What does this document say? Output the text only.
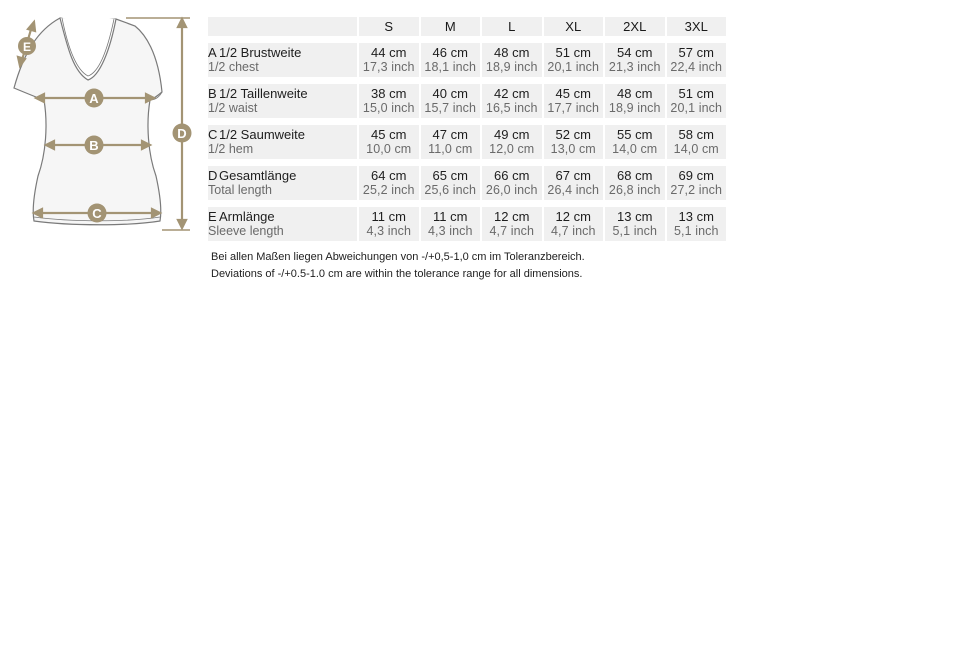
A
B
C
D
E
	S	M	L	XL	2XL	3XL

A 1/2 Brustweite	44 cm	46 cm	48 cm	51 cm	54 cm	57 cm
1/2 chest	17,3 inch	18,1 inch	18,9 inch	20,1 inch	21,3 inch	22,4 inch

B 1/2 Taillenweite	38 cm	40 cm	42 cm	45 cm	48 cm	51 cm
1/2 waist	15,0 inch	15,7 inch	16,5 inch	17,7 inch	18,9 inch	20,1 inch

C 1/2 Saumweite	45 cm	47 cm	49 cm	52 cm	55 cm	58 cm
1/2 hem	10,0 cm	11,0 cm	12,0 cm	13,0 cm	14,0 cm	14,0 cm

D Gesamtlänge	64 cm	65 cm	66 cm	67 cm	68 cm	69 cm
Total length	25,2 inch	25,6 inch	26,0 inch	26,4 inch	26,8 inch	27,2 inch

E Armlänge	11 cm	11 cm	12 cm	12 cm	13 cm	13 cm
Sleeve length	4,3 inch	4,3 inch	4,7 inch	4,7 inch	5,1 inch	5,1 inch
Bei allen Maßen liegen Abweichungen von -/+0,5-1,0 cm im Toleranzbereich.
Deviations of -/+0.5-1.0 cm are within the tolerance range for all dimensions.
